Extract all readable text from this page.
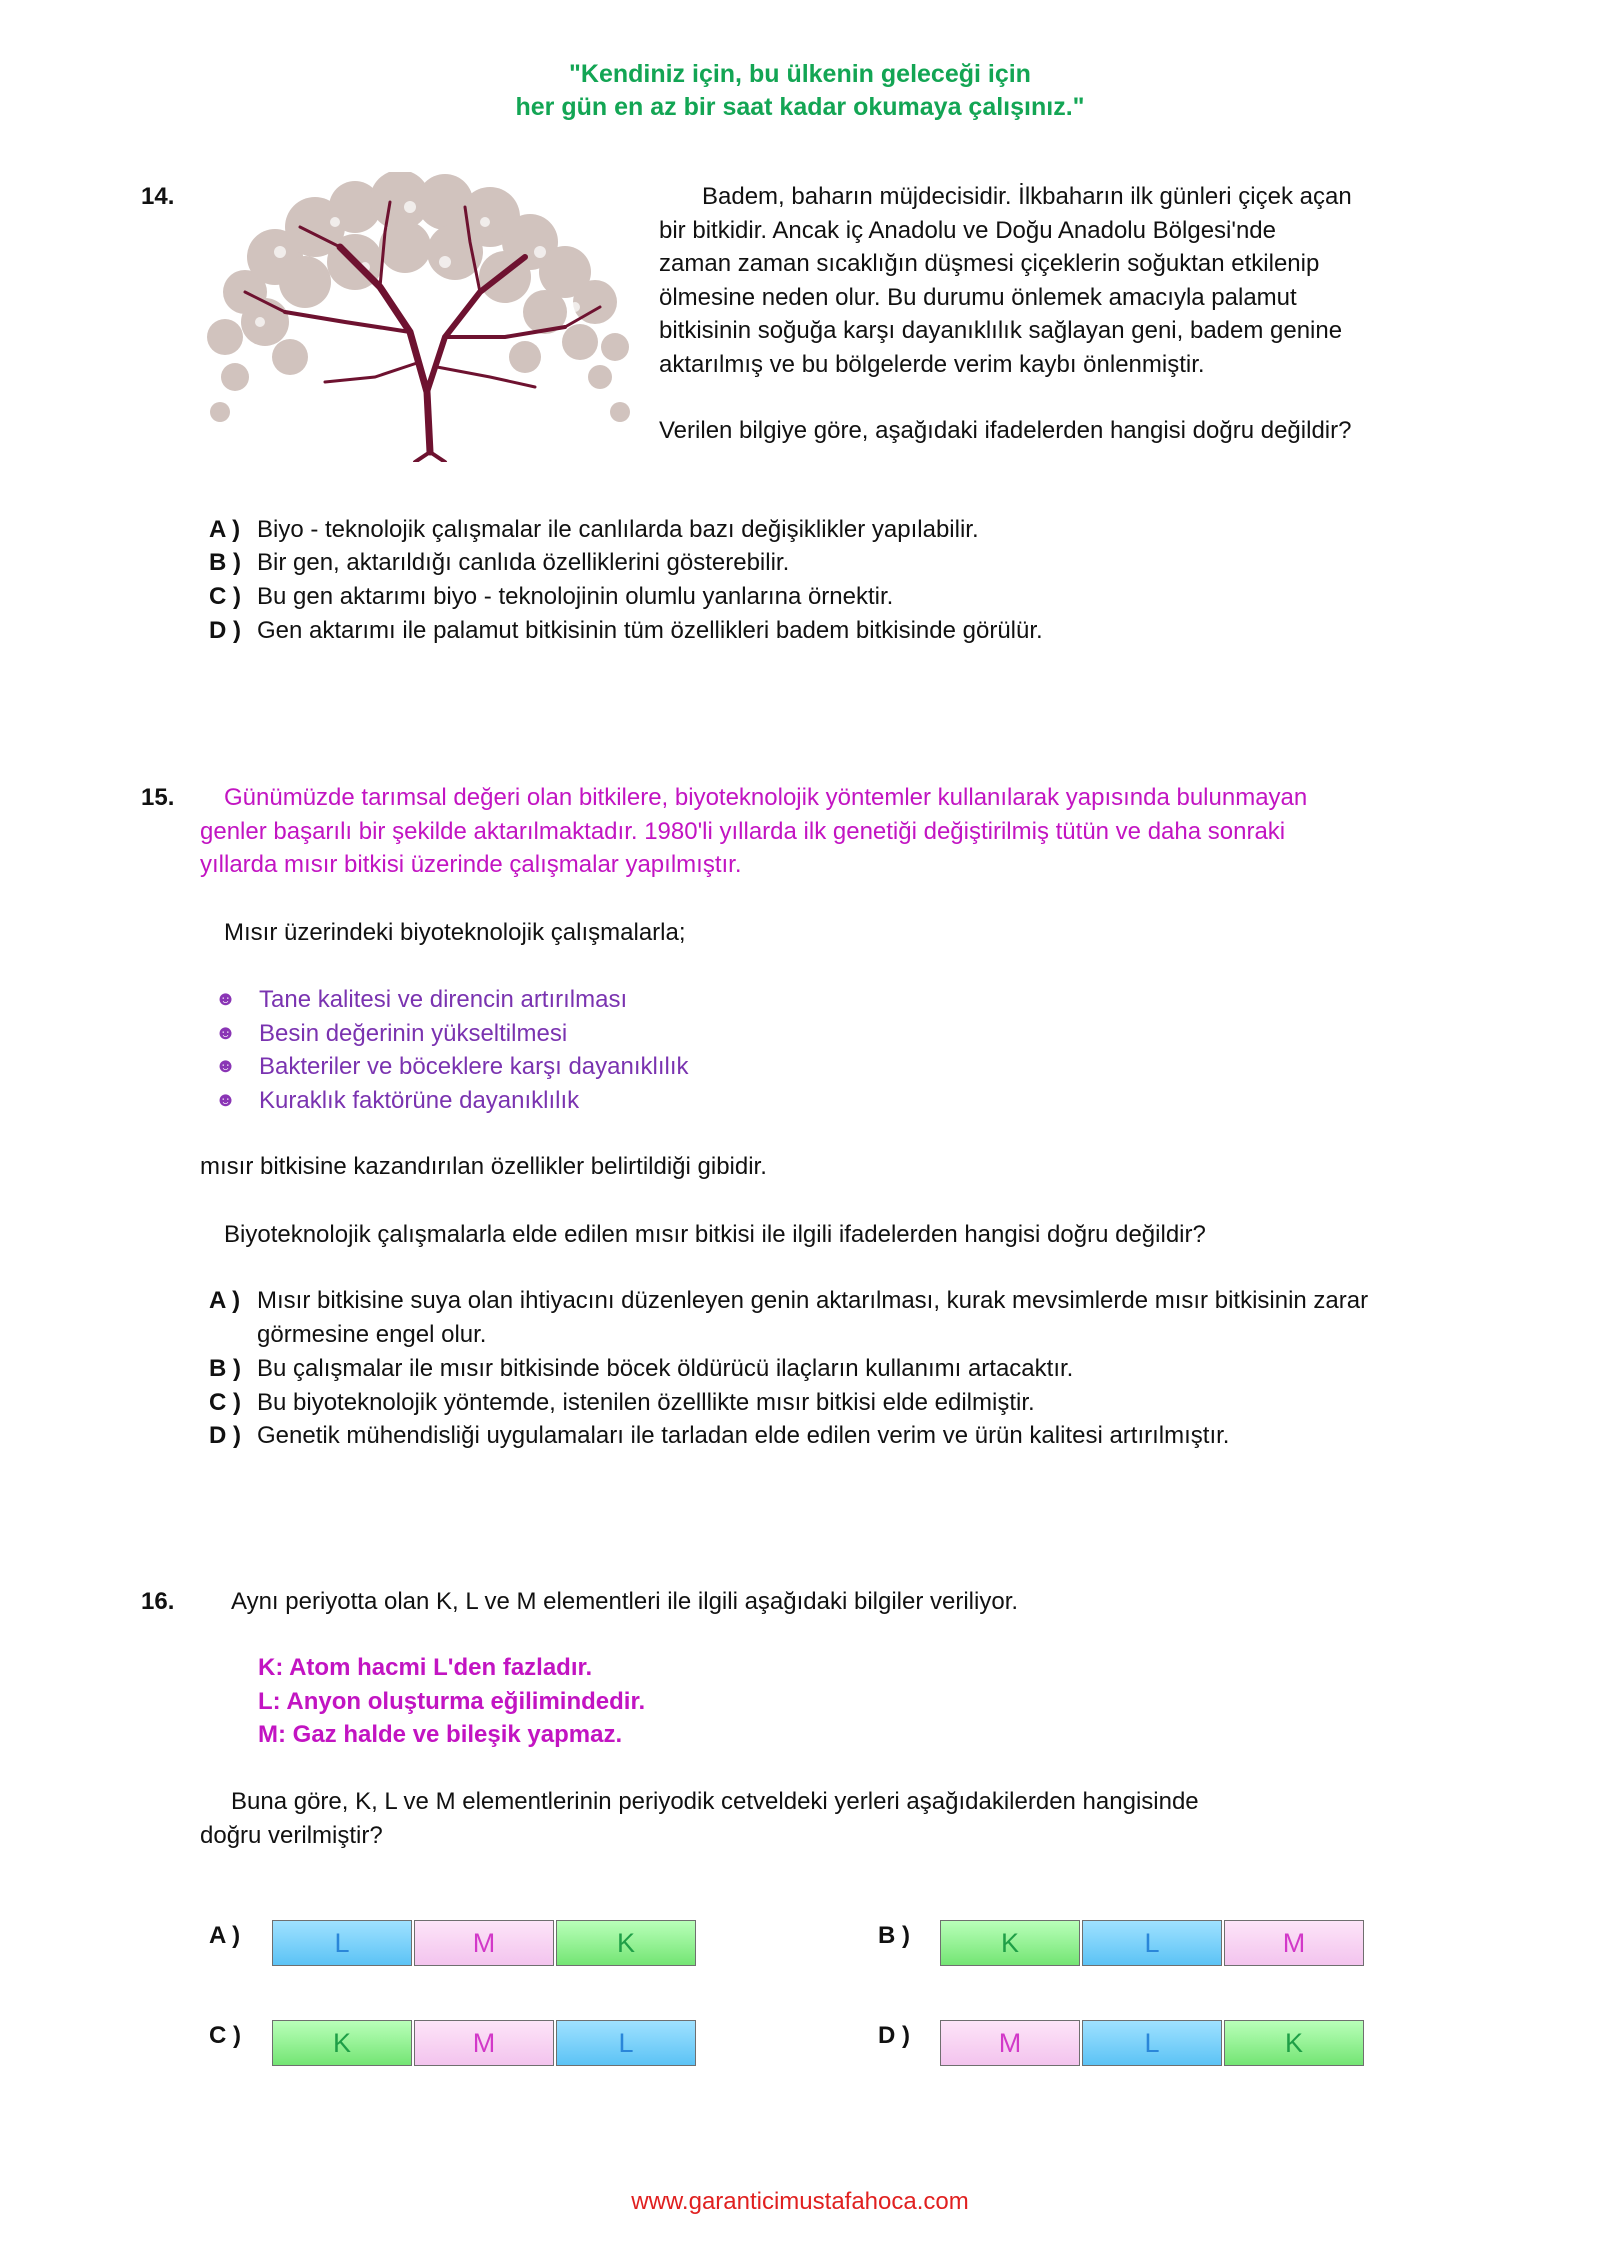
"Kendiniz için, bu ülkenin geleceği için
her gün en az bir saat kadar okumaya çalışınız."
14.	Badem, baharın müjdecisidir. İlkbaharın ilk günleri çiçek açan
bir bitkidir. Ancak iç Anadolu ve Doğu Anadolu Bölgesi'nde
zaman zaman sıcaklığın düşmesi çiçeklerin soğuktan etkilenip
ölmesine neden olur. Bu durumu önlemek amacıyla palamut
bitkisinin soğuğa karşı dayanıklılık sağlayan geni, badem genine
aktarılmış ve bu bölgelerde verim kaybı önlenmiştir.
Verilen bilgiye göre, aşağıdaki ifadelerden hangisi doğru değildir?
A ) Biyo - teknolojik çalışmalar ile canlılarda bazı değişiklikler yapılabilir.
B ) Bir gen, aktarıldığı canlıda özelliklerini gösterebilir.
C ) Bu gen aktarımı biyo - teknolojinin olumlu yanlarına örnektir.
D ) Gen aktarımı ile palamut bitkisinin tüm özellikleri badem bitkisinde görülür.
15.	Günümüzde tarımsal değeri olan bitkilere, biyoteknolojik yöntemler kullanılarak yapısında bulunmayan
genler başarılı bir şekilde aktarılmaktadır. 1980'li yıllarda ilk genetiği değiştirilmiş tütün ve daha sonraki
yıllarda mısır bitkisi üzerinde çalışmalar yapılmıştır.
Mısır üzerindeki biyoteknolojik çalışmalarla;
☻ Tane kalitesi ve direncin artırılması
☻ Besin değerinin yükseltilmesi
☻ Bakteriler ve böceklere karşı dayanıklılık
☻ Kuraklık faktörüne dayanıklılık
mısır bitkisine kazandırılan özellikler belirtildiği gibidir.
Biyoteknolojik çalışmalarla elde edilen mısır bitkisi ile ilgili ifadelerden hangisi doğru değildir?
A ) Mısır bitkisine suya olan ihtiyacını düzenleyen genin aktarılması, kurak mevsimlerde mısır bitkisinin zarar görmesine engel olur.
B ) Bu çalışmalar ile mısır bitkisinde böcek öldürücü ilaçların kullanımı artacaktır.
C ) Bu biyoteknolojik yöntemde, istenilen özelllikte mısır bitkisi elde edilmiştir.
D ) Genetik mühendisliği uygulamaları ile tarladan elde edilen verim ve ürün kalitesi artırılmıştır.
16. Aynı periyotta olan K, L ve M elementleri ile ilgili aşağıdaki bilgiler veriliyor.
K: Atom hacmi L'den fazladır.
L: Anyon oluşturma eğilimindedir.
M: Gaz halde ve bileşik yapmaz.
Buna göre, K, L ve M elementlerinin periyodik cetveldeki yerleri aşağıdakilerden hangisinde
doğru verilmiştir?
A )	L	M	K	B )	K	L	M
C )	K	M	L	D )	M	L	K
www.garanticimustafahoca.com
